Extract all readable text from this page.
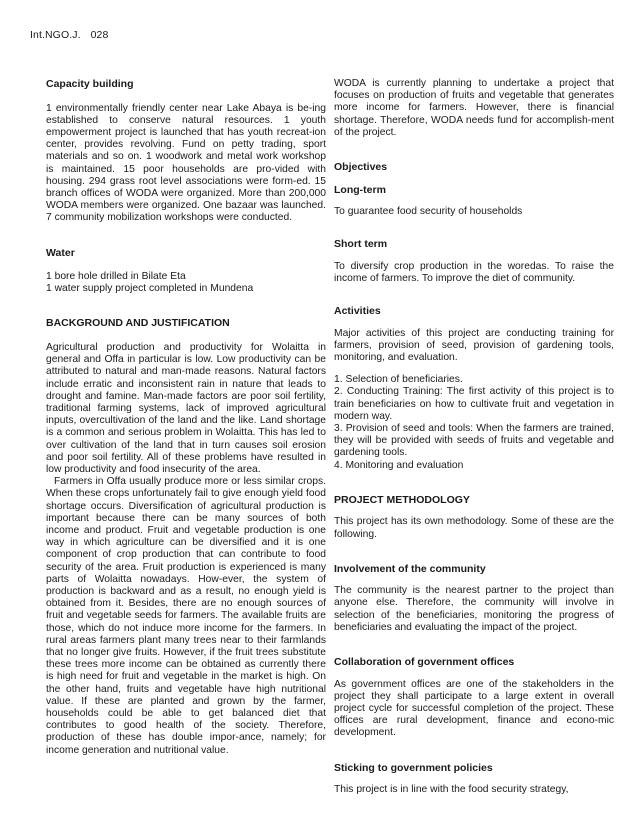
Int.NGO.J. 028
Capacity building

1 environmentally friendly center near Lake Abaya is be-ing established to conserve natural resources. 1 youth empowerment project is launched that has youth recreat-ion center, provides revolving. Fund on petty trading, sport materials and so on. 1 woodwork and metal work workshop is maintained. 15 poor households are pro-vided with housing. 294 grass root level associations were form-ed. 15 branch offices of WODA were organized. More than 200,000 WODA members were organized. One bazaar was launched. 7 community mobilization workshops were conducted.

Water
1 bore hole drilled in Bilate Eta
1 water supply project completed in Mundena
BACKGROUND AND JUSTIFICATION

Agricultural production and productivity for Wolaitta in general and Offa in particular is low. Low productivity can be attributed to natural and man-made reasons. Natural factors include erratic and inconsistent rain in nature that leads to drought and famine. Man-made factors are poor soil fertility, traditional farming systems, lack of improved agricultural inputs, overcultivation of the land and the like. Land shortage is a common and serious problem in Wolaitta. This has led to over cultivation of the land that in turn causes soil erosion and poor soil fertility. All of these problems have resulted in low productivity and food insecurity of the area.

Farmers in Offa usually produce more or less similar crops. When these crops unfortunately fail to give enough yield food shortage occurs. Diversification of agricultural production is important because there can be many sources of both income and product. Fruit and vegetable production is one way in which agriculture can be diversified and it is one component of crop production that can contribute to food security of the area. Fruit production is experienced is many parts of Wolaitta nowadays. How-ever, the system of production is backward and as a result, no enough yield is obtained from it. Besides, there are no enough sources of fruit and vegetable seeds for farmers. The available fruits are those, which do not induce more income for the farmers. In rural areas farmers plant many trees near to their farmlands that no longer give fruits. However, if the fruit trees substitute these trees more income can be obtained as currently there is high need for fruit and vegetable in the market is high. On the other hand, fruits and vegetable have high nutritional value. If these are planted and grown by the farmer, households could be able to get balanced diet that contributes to good health of the society. Therefore, production of these has double impor-ance, namely; for income generation and nutritional value.

WODA is currently planning to undertake a project that focuses on production of fruits and vegetable that generates more income for farmers. However, there is financial shortage. Therefore, WODA needs fund for accomplish-ment of the project.

Objectives
Long-term

To guarantee food security of households

Short term

To diversify crop production in the woredas. To raise the income of farmers. To improve the diet of community.

Activities

Major activities of this project are conducting training for farmers, provision of seed, provision of gardening tools, monitoring, and evaluation.

1. Selection of beneficiaries.
2. Conducting Training: The first activity of this project is to train beneficiaries on how to cultivate fruit and vegetation in modern way.
3. Provision of seed and tools: When the farmers are trained, they will be provided with seeds of fruits and vegetable and gardening tools.
4. Monitoring and evaluation
PROJECT METHODOLOGY

This project has its own methodology. Some of these are the following.

Involvement of the community

The community is the nearest partner to the project than anyone else. Therefore, the community will involve in selection of the beneficiaries, monitoring the progress of beneficiaries and evaluating the impact of the project.

Collaboration of government offices

As government offices are one of the stakeholders in the project they shall participate to a large extent in overall project cycle for successful completion of the project. These offices are rural development, finance and econo-mic development.

Sticking to government policies

This project is in line with the food security strategy,
